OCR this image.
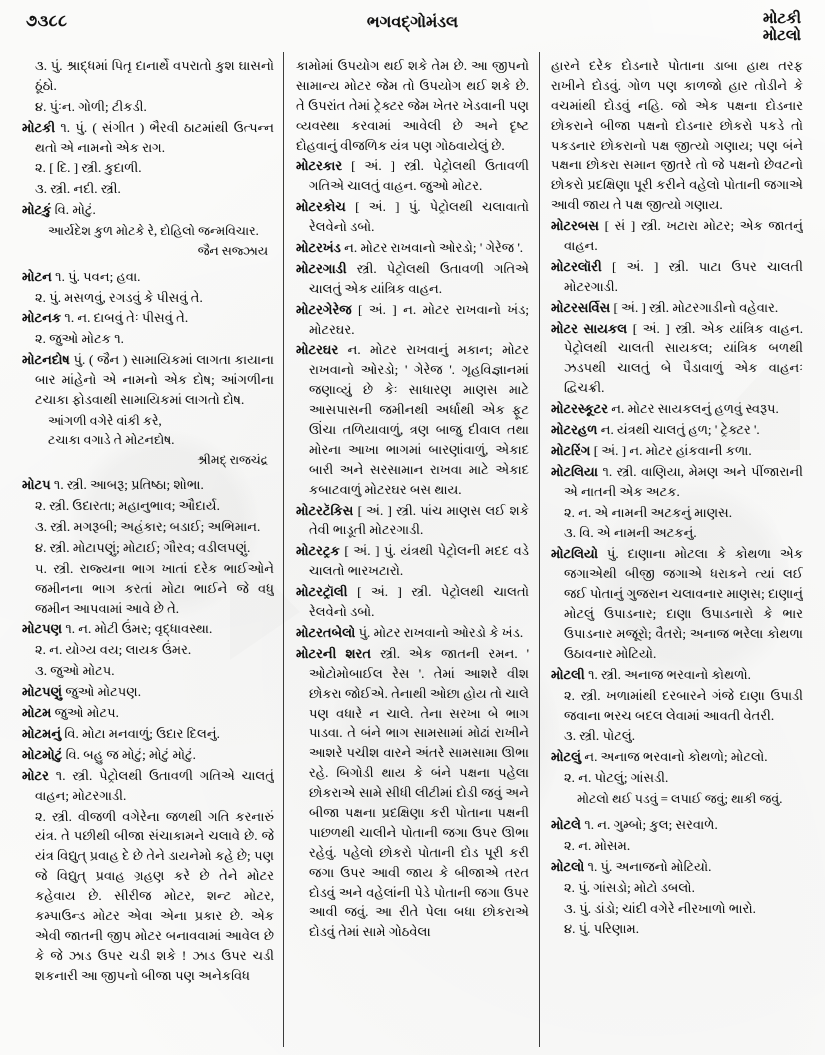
૭૩૮૮	ભગવદ્ગોમંડલ	મોટકી
મોટલો

૩. પું. શ્રાદ્ધમાં પિતૃ દાનાર્થે વપરાતો કુશ ઘાસનો ઠૂંઠો.

૪. પુંઃન. ગોળી; ટીકડી.

મોટકી ૧. પું. ( સંગીત ) ભૈરવી ઠાટમાંથી ઉત્પન્ન થતો એ નામનો એક રાગ.

૨. [ દિ. ] સ્ત્રી. કુદાળી.

૩. સ્ત્રી. નદી. સ્ત્રી.

મોટકું વિ. મોટું.

આર્યદેશ કુળ મોટકે રે, દોહિલો જન્મવિચાર.
જૈન સજ્ઝાય

મોટન ૧. પું. પવન; હવા.

૨. પું. મસળવું, રગડવું કે પીસવું તે.

મોટનક ૧. ન. દાબવું તેઃ પીસવું તે.

૨. જુઓ મોટક ૧.

મોટનદોષ પું. ( જૈન ) સામાયિકમાં લાગતા કાયાના બાર માંહેનો એ નામનો એક દોષ; આંગળીના ટચાકા ફોડવાથી સામાયિકમાં લાગતો દોષ.

આંગળી વગેરે વાંકી કરે,
ટચાકા વગાડે તે મોટનદોષ.
શ્રીમદ્ રાજચંદ્ર

મોટપ ૧. સ્ત્રી. આબરૂ; પ્રતિષ્ઠા; શોભા.

૨. સ્ત્રી. ઉદારતા; મહાનુભાવ; ઔદાર્ય.

૩. સ્ત્રી. મગરૂબી; અહંકાર; બડાઈ; અભિમાન.

૪. સ્ત્રી. મોટાપણું; મોટાઈ; ગૌરવ; વડીલપણું.

૫. સ્ત્રી. રાજ્યના ભાગ ખાતાં દરેક ભાઈઓને જમીનના ભાગ કરતાં મોટા ભાઈને જે વધુ જમીન આપવામાં આવે છે તે.

મોટપણ ૧. ન. મોટી ઉંમર; વૃદ્ધાવસ્થા.

૨. ન. યોગ્ય વય; લાયક ઉંમર.

૩. જુઓ મોટપ.

મોટપણું જુઓ મોટપણ.

મોટમ જુઓ મોટપ.

મોટમનું વિ. મોટા મનવાળું; ઉદાર દિલનું.

મોટમોટું વિ. બહુ જ મોટું; મોટું મોટું.

મોટર ૧. સ્ત્રી. પેટ્રોલથી ઉતાવળી ગતિએ ચાલતું વાહન; મોટરગાડી.

૨. સ્ત્રી. વીજળી વગેરેના જળથી ગતિ કરનારું યંત્ર. તે પછીથી બીજા સંચાકામને ચલાવે છે. જે યંત્ર વિદ્યુત્ પ્રવાહ દે છે તેને ડાયનેમો કહે છે; પણ જે વિદ્યુત્ પ્રવાહ ગ્રહણ કરે છે તેને મોટર કહેવાય છે. સીરીજ મોટર, શન્ટ મોટર, કમ્પાઉન્ડ મોટર એવા એના પ્રકાર છે. એક એવી જાતની જીપ મોટર બનાવવામાં આવેલ છે કે જે ઝાડ ઉપર ચડી શકે ! ઝાડ ઉપર ચડી શકનારી આ જીપનો બીજા પણ અનેકવિધ

કામોમાં ઉપયોગ થઈ શકે તેમ છે. આ જીપનો સામાન્ય મોટર જેમ તો ઉપયોગ થઈ શકે છે. તે ઉપરાંત તેમાં ટ્રેક્ટર જેમ ખેતર ખેડવાની પણ વ્યવસ્થા કરવામાં આવેલી છે અને દૃષ્ટ દોહવાનું વીજળિક યંત્ર પણ ગોઠવાયેલું છે.

મોટરકાર [ અં. ] સ્ત્રી. પેટ્રોલથી ઉતાવળી ગતિએ ચાલતું વાહન. જુઓ મોટર.

મોટરકોચ [ અં. ] પું. પેટ્રોલથી ચલાવાતો રેલવેનો ડબો.

મોટરખંડ ન. મોટર રાખવાનો ઓરડો; ' ગેરેજ '.

મોટરગાડી સ્ત્રી. પેટ્રોલથી ઉતાવળી ગતિએ ચાલતું એક યાંત્રિક વાહન.

મોટરગેરેજ [ અં. ] ન. મોટર રાખવાનો ખંડ; મોટરઘર.

મોટરઘર ન. મોટર રાખવાનું મકાન; મોટર રાખવાનો ઓરડો; ' ગેરેજ '. ગૃહવિજ્ઞાનમાં જણાવ્યું છે કેઃ સાધારણ માણસ માટે આસપાસની જમીનથી અર્ધાથી એક ફૂટ ઊંચા તળિયાવાળું, ત્રણ બાજુ દીવાલ તથા મોરના આખા ભાગમાં બારણાંવાળું, એકાદ બારી અને સરસામાન રાખવા માટે એકાદ કબાટવાળું મોટરઘર બસ થાય.

મોટરટૅકિસ [ અં. ] સ્ત્રી. પાંચ માણસ લઈ શકે તેવી ભાડૂતી મોટરગાડી.

મોટરટ્રક [ અં. ] પું. યંત્રથી પેટ્રોલની મદદ વડે ચાલતો ભારખટારો.

મોટરટ્રૉલી [ અં. ] સ્ત્રી. પેટ્રોલથી ચાલતો રેલવેનો ડબો.

મોટરતબેલો પું. મોટર રાખવાનો ઓરડો કે ખંડ.

મોટરની શરત સ્ત્રી. એક જાતની રમન. ' ઓટોમોબાઈલ રેસ '. તેમાં આશરે વીશ છોકરા જોઈએ. તેનાથી ઓછા હોય તો ચાલે પણ વધારે ન ચાલે. તેના સરખા બે ભાગ પાડવા. તે બંને ભાગ સામસામાં મોઢાં રાખીને આશરે પચીશ વારને અંતરે સામસામા ઊભા રહે. બિગોડી થાય કે બંને પક્ષના પહેલા છોકરાએ સામે સીધી લીટીમાં દોડી જવું અને બીજા પક્ષના પ્રદક્ષિણા કરી પોતાના પક્ષની પાછળથી ચાલીને પોતાની જગા ઉપર ઊભા રહેવું. પહેલો છોકરો પોતાની દોડ પૂરી કરી જગા ઉપર આવી જાય કે બીજાએ તરત દોડવું અને વહેલાંની પેડે પોતાની જગા ઉપર આવી જવું. આ રીતે પેલા બધા છોકરાએ દોડવું તેમાં સામે ગોઠવેલા

હારને દરેક દોડનારે પોતાના ડાબા હાથ તરફ રાખીને દોડવું. ગોળ પણ કાળજો હાર તોડીને કે વચમાંથી દોડવું નહિ. જો એક પક્ષના દોડનાર છોકરાને બીજા પક્ષનો દોડનાર છોકરો પકડે તો પકડનાર છોકરાનો પક્ષ જીત્યો ગણાય; પણ બંને પક્ષના છોકરા સમાન જીતરે તો જે પક્ષનો છેવટનો છોકરો પ્રદક્ષિણા પૂરી કરીને વહેલો પોતાની જગાએ આવી જાય તે પક્ષ જીત્યો ગણાય.

મોટરબસ [ સં ] સ્ત્રી. ખટારા મોટર; એક જાતનું વાહન.

મોટરલૉરી [ અં. ] સ્ત્રી. પાટા ઉપર ચાલતી મોટરગાડી.

મોટરસર્વિસ [ અં. ] સ્ત્રી. મોટરગાડીનો વહેવાર.

મોટર સાયકલ [ અં. ] સ્ત્રી. એક યાંત્રિક વાહન. પેટ્રોલથી ચાલતી સાયકલ; યાંત્રિક બળથી ઝડપથી ચાલતું બે પૈડાવાળું એક વાહનઃ દ્વિચક્રી.

મોટરસ્કૂટર ન. મોટર સાયકલનું હળવું સ્વરૂપ.

મોટરહળ ન. યંત્રથી ચાલતું હળ; ' ટ્રેક્ટર '.

મોટરિંગ [ અં. ] ન. મોટર હાંકવાની કળા.

મોટલિયા ૧. સ્ત્રી. વાણિયા, મેમણ અને પીંજારાની એ નાતની એક અટક.

૨. ન. એ નામની અટકનું માણસ.

૩. વિ. એ નામની અટકનું.

મોટલિયો પું. દાણાના મોટલા કે કોથળા એક જગાએથી બીજી જગાએ ધરાકને ત્યાં લઈ જઈ પોતાનું ગુજરાન ચલાવનાર માણસ; દાણાનું મોટલું ઉપાડનાર; દાણા ઉપાડનારો કે ભાર ઉપાડનાર મજૂરો; વૈતરો; અનાજ ભરેલા કોથળા ઉઠાવનાર મોટિયો.

મોટલી ૧. સ્ત્રી. અનાજ ભરવાનો કોથળો.

૨. સ્ત્રી. ખળામાંથી દરબારને ગંજે દાણા ઉપાડી જવાના ભરચ બદલ લેવામાં આવતી વેતરી.

૩. સ્ત્રી. પોટલું.

મોટલું ન. અનાજ ભરવાનો કોથળો; મોટલો.

૨. ન. પોટલું; ગાંસડી.

મોટલો થઈ પડવું = લપાઈ જવું; થાકી જવું.

મોટલે ૧. ન. ગુમ્બો; કુલ; સરવાળે.

૨. ન. મોસમ.

મોટલો ૧. પું. અનાજનો મોટિયો.

૨. પું. ગાંસડો; મોટો ડબલો.

૩. પું. ડાંડો; ચાંદી વગેરે નીરખાળો ભારો.

૪. પું. પરિણામ.
